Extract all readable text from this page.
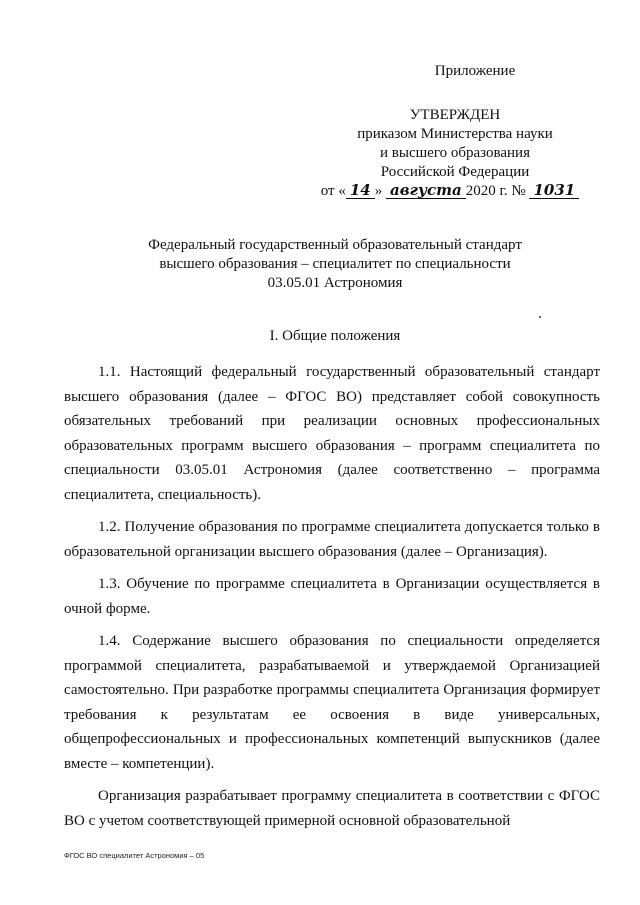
Приложение
УТВЕРЖДЕН
приказом Министерства науки
и высшего образования
Российской Федерации
от « 14 » августа 2020 г. № 1031
Федеральный государственный образовательный стандарт
высшего образования – специалитет по специальности
03.05.01 Астрономия
I. Общие положения

1.1. Настоящий федеральный государственный образовательный стандарт высшего образования (далее – ФГОС ВО) представляет собой совокупность обязательных требований при реализации основных профессиональных образовательных программ высшего образования – программ специалитета по специальности 03.05.01 Астрономия (далее соответственно – программа специалитета, специальность).

1.2. Получение образования по программе специалитета допускается только в образовательной организации высшего образования (далее – Организация).

1.3. Обучение по программе специалитета в Организации осуществляется в очной форме.

1.4. Содержание высшего образования по специальности определяется программой специалитета, разрабатываемой и утверждаемой Организацией самостоятельно. При разработке программы специалитета Организация формирует требования к результатам ее освоения в виде универсальных, общепрофессиональных и профессиональных компетенций выпускников (далее вместе – компетенции).

Организация разрабатывает программу специалитета в соответствии с ФГОС ВО с учетом соответствующей примерной основной образовательной

ФГОС ВО специалитет Астрономия – 05
